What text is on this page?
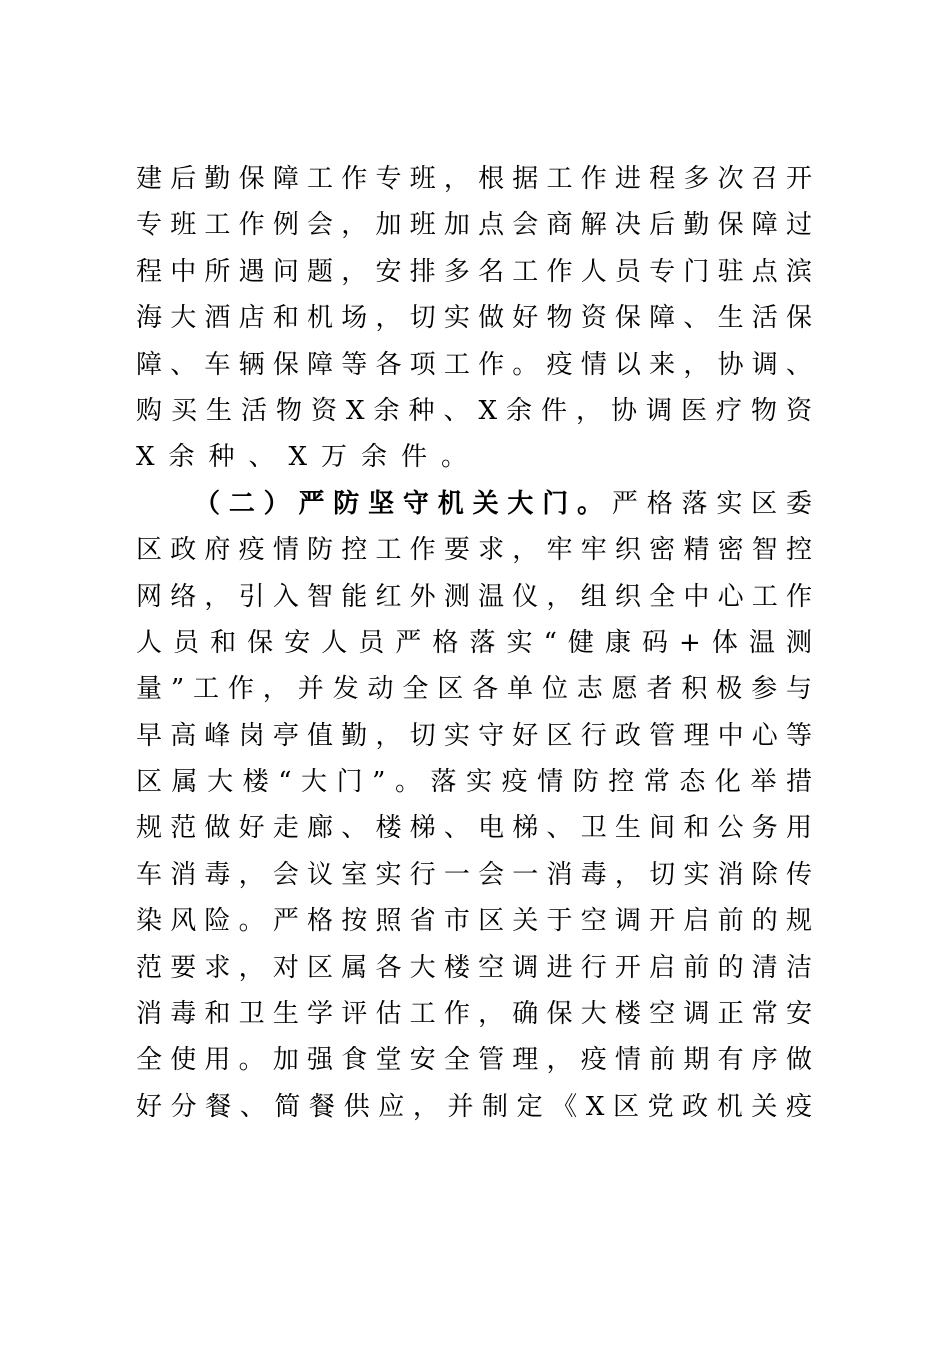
建后勤保障工作专班，根据工作进程多次召开
专班工作例会，加班加点会商解决后勤保障过
程中所遇问题，安排多名工作人员专门驻点滨
海大酒店和机场，切实做好物资保障、生活保
障、车辆保障等各项工作。疫情以来，协调、
购买生活物资X余种、X余件，协调医疗物资
X余种、X万余件。
（二）严防坚守机关大门。严格落实区委
区政府疫情防控工作要求，牢牢织密精密智控
网络，引入智能红外测温仪，组织全中心工作
人员和保安人员严格落实“健康码+体温测
量”工作，并发动全区各单位志愿者积极参与
早高峰岗亭值勤，切实守好区行政管理中心等
区属大楼“大门”。落实疫情防控常态化举措
规范做好走廊、楼梯、电梯、卫生间和公务用
车消毒，会议室实行一会一消毒，切实消除传
染风险。严格按照省市区关于空调开启前的规
范要求，对区属各大楼空调进行开启前的清洁
消毒和卫生学评估工作，确保大楼空调正常安
全使用。加强食堂安全管理，疫情前期有序做
好分餐、简餐供应，并制定《X区党政机关疫
